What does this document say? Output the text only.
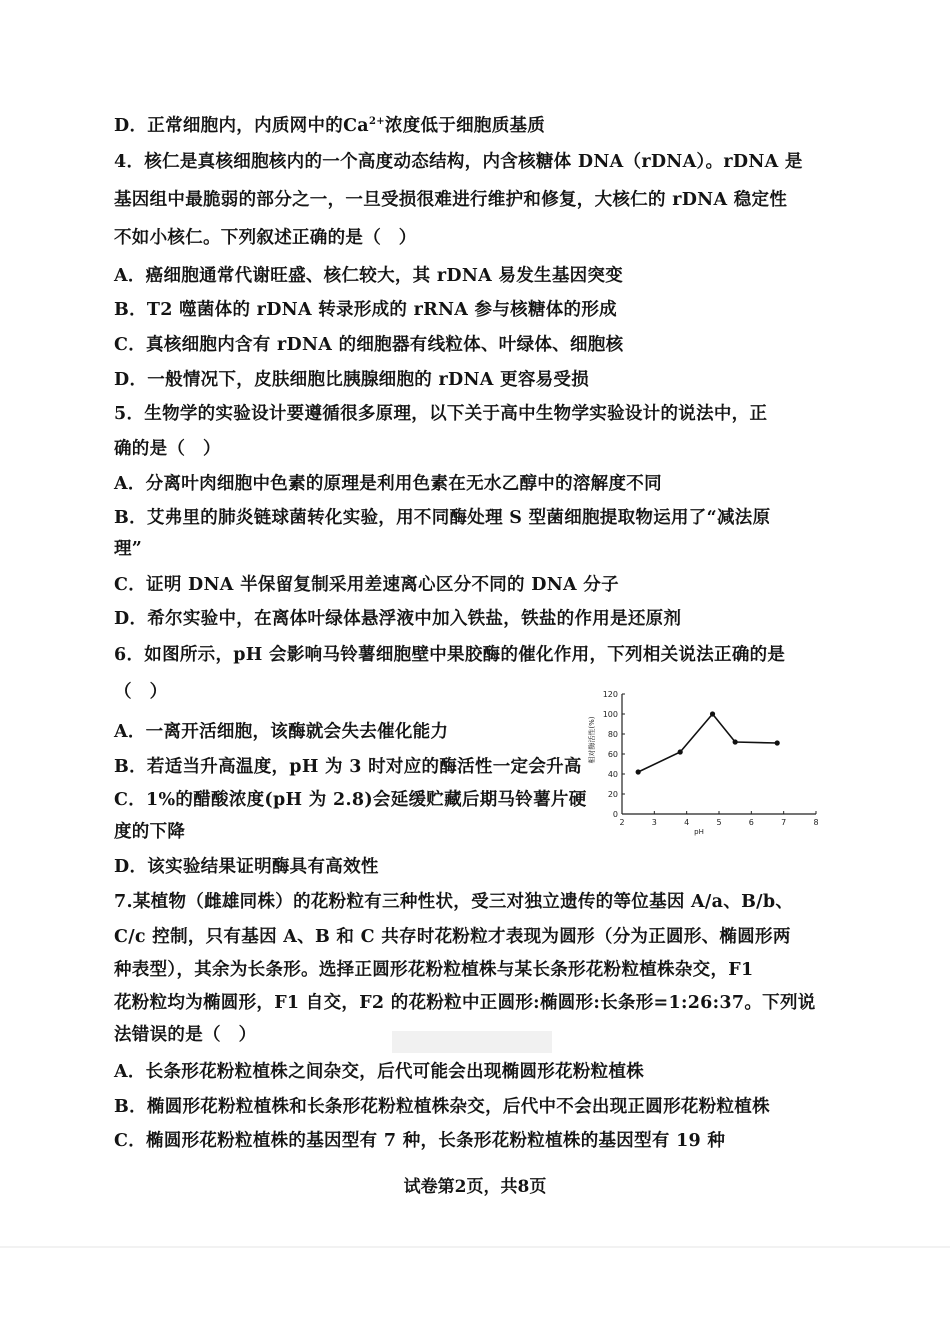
D．正常细胞内，内质网中的$Ca^{2+}$浓度低于细胞质基质
4．核仁是真核细胞核内的一个高度动态结构，内含核糖体 DNA（rDNA）。rDNA 是
基因组中最脆弱的部分之一，一旦受损很难进行维护和修复，大核仁的 rDNA 稳定性
不如小核仁。下列叙述正确的是（　）
A．癌细胞通常代谢旺盛、核仁较大，其 rDNA 易发生基因突变
B．T2 噬菌体的 rDNA 转录形成的 rRNA 参与核糖体的形成
C．真核细胞内含有 rDNA 的细胞器有线粒体、叶绿体、细胞核
D．一般情况下，皮肤细胞比胰腺细胞的 rDNA 更容易受损
5．生物学的实验设计要遵循很多原理，以下关于高中生物学实验设计的说法中，正
确的是（　）
A．分离叶肉细胞中色素的原理是利用色素在无水乙醇中的溶解度不同
B．艾弗里的肺炎链球菌转化实验，用不同酶处理 S 型菌细胞提取物运用了“减法原
理”
C．证明 DNA 半保留复制采用差速离心区分不同的 DNA 分子
D．希尔实验中，在离体叶绿体悬浮液中加入铁盐，铁盐的作用是还原剂
6．如图所示，pH 会影响马铃薯细胞壁中果胶酶的催化作用，下列相关说法正确的是
（　）
A．一离开活细胞，该酶就会失去催化能力
B．若适当升高温度，pH 为 3 时对应的酶活性一定会升高
C．1%的醋酸浓度(pH 为 2.8)会延缓贮藏后期马铃薯片硬
度的下降
D．该实验结果证明酶具有高效性
7.某植物（雌雄同株）的花粉粒有三种性状，受三对独立遗传的等位基因 A/a、B/b、
C/c 控制，只有基因 A、B 和 C 共存时花粉粒才表现为圆形（分为正圆形、椭圆形两
种表型），其余为长条形。选择正圆形花粉粒植株与某长条形花粉粒植株杂交，F1
花粉粒均为椭圆形，F1 自交，F2 的花粉粒中正圆形:椭圆形:长条形=1:26:37。下列说
法错误的是（　）
A．长条形花粉粒植株之间杂交，后代可能会出现椭圆形花粉粒植株
B．椭圆形花粉粒植株和长条形花粉粒植株杂交，后代中不会出现正圆形花粉粒植株
C．椭圆形花粉粒植株的基因型有 7 种，长条形花粉粒植株的基因型有 19 种
试卷第2页，共8页
0
20
40
60
80
100
120
2	3	4	5	6	7	8
pH
相对酶活性(%)
